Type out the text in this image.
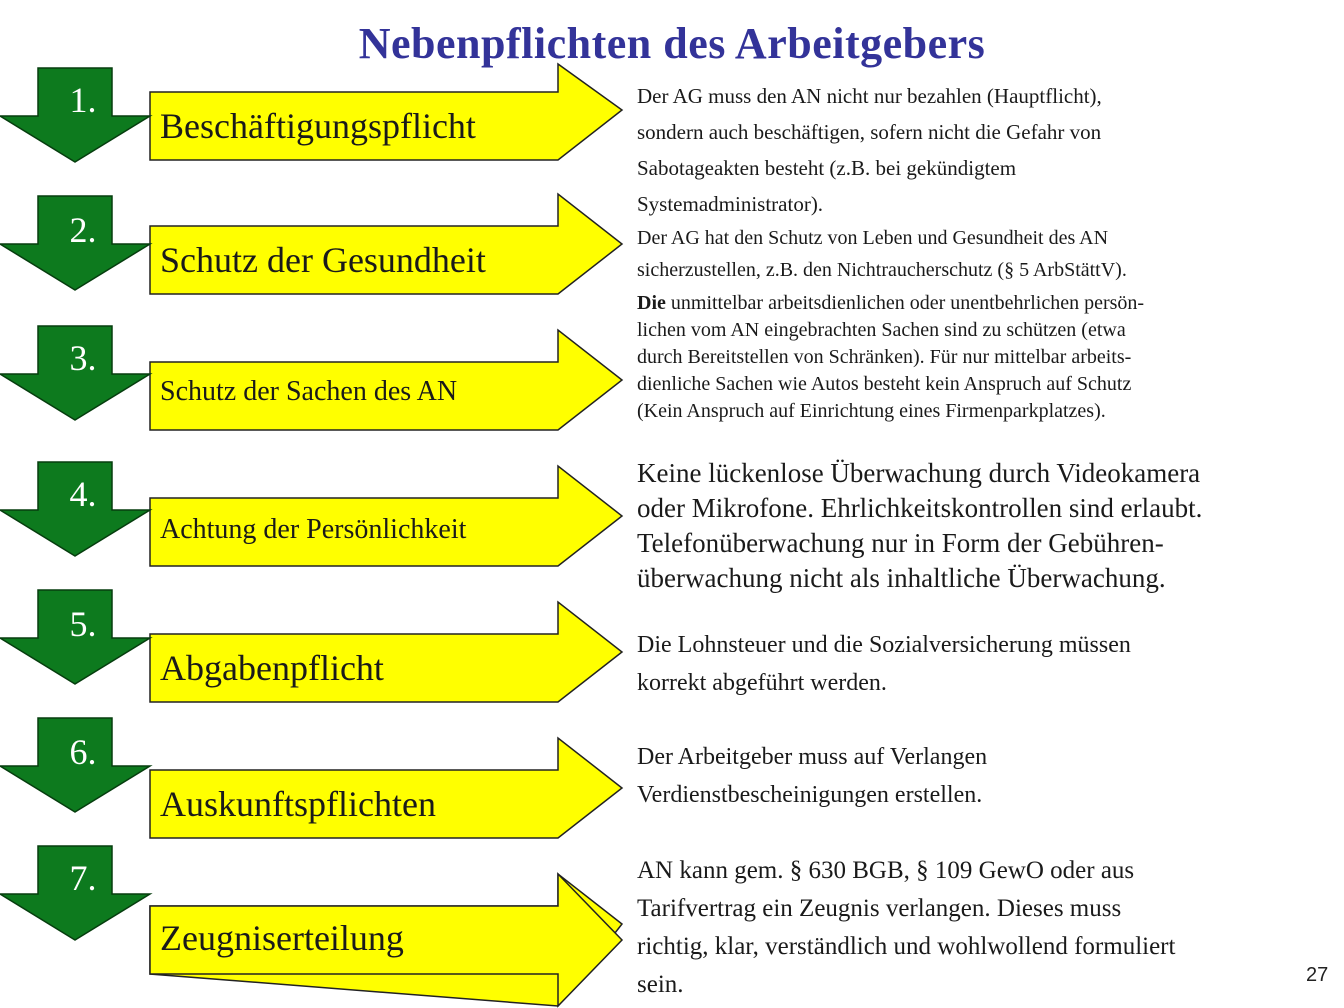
Nebenpflichten des Arbeitgebers
1.
2.
3.
4.
5.
6.
7.
Beschäftigungspflicht
Schutz der Gesundheit
Schutz der Sachen des AN
Achtung der Persönlichkeit
Abgabenpflicht
Auskunftspflichten
Zeugniserteilung

Der AG muss den AN nicht nur bezahlen (Hauptflicht),

sondern auch beschäftigen, sofern nicht die Gefahr von

Sabotageakten besteht (z.B. bei gekündigtem

Systemadministrator).

Der AG hat den Schutz von Leben und Gesundheit des AN

sicherzustellen, z.B. den Nichtraucherschutz (§ 5 ArbStättV).

Die unmittelbar arbeitsdienlichen oder unentbehrlichen persön-

lichen vom AN eingebrachten Sachen sind zu schützen (etwa

durch Bereitstellen von Schränken). Für nur mittelbar arbeits-

dienliche Sachen wie Autos besteht kein Anspruch auf Schutz

(Kein Anspruch auf Einrichtung eines Firmenparkplatzes).

Keine lückenlose Überwachung durch Videokamera

oder Mikrofone. Ehrlichkeitskontrollen sind erlaubt.

Telefonüberwachung nur in Form der Gebühren-

überwachung nicht als inhaltliche Überwachung.

Die Lohnsteuer und die Sozialversicherung müssen

korrekt abgeführt werden.

Der Arbeitgeber muss auf Verlangen

Verdienstbescheinigungen erstellen.

AN kann gem. § 630 BGB, § 109 GewO oder aus

Tarifvertrag ein Zeugnis verlangen. Dieses muss

richtig, klar, verständlich und wohlwollend formuliert

sein.	27
